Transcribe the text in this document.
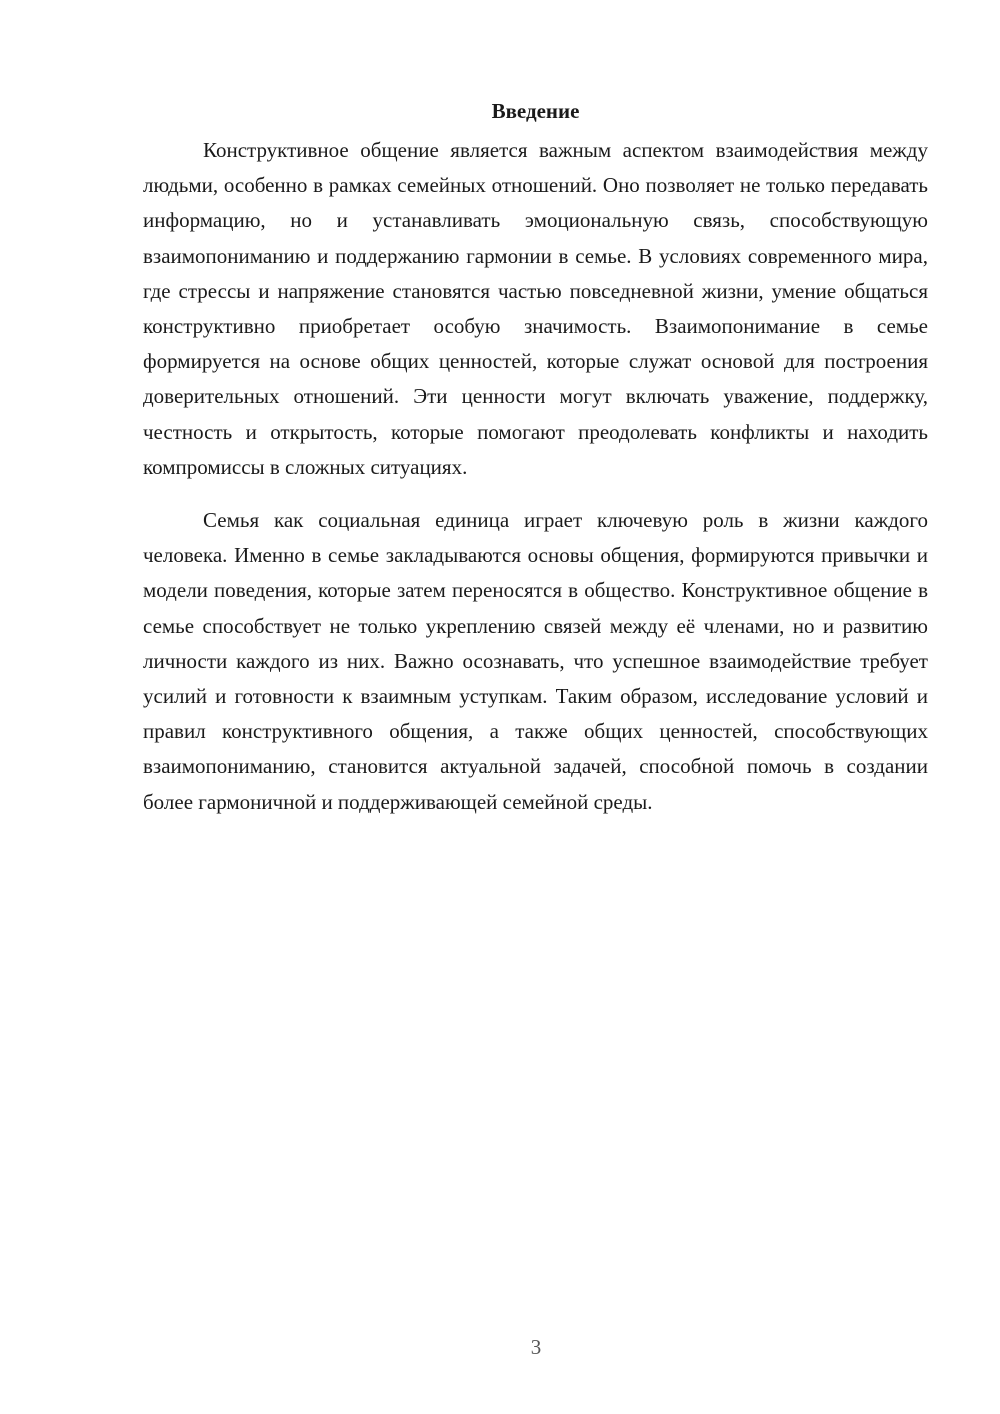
Введение

Конструктивное общение является важным аспектом взаимодействия между людьми, особенно в рамках семейных отношений. Оно позволяет не только передавать информацию, но и устанавливать эмоциональную связь, способствующую взаимопониманию и поддержанию гармонии в семье. В условиях современного мира, где стрессы и напряжение становятся частью повседневной жизни, умение общаться конструктивно приобретает особую значимость. Взаимопонимание в семье формируется на основе общих ценностей, которые служат основой для построения доверительных отношений. Эти ценности могут включать уважение, поддержку, честность и открытость, которые помогают преодолевать конфликты и находить компромиссы в сложных ситуациях.

Семья как социальная единица играет ключевую роль в жизни каждого человека. Именно в семье закладываются основы общения, формируются привычки и модели поведения, которые затем переносятся в общество. Конструктивное общение в семье способствует не только укреплению связей между её членами, но и развитию личности каждого из них. Важно осознавать, что успешное взаимодействие требует усилий и готовности к взаимным уступкам. Таким образом, исследование условий и правил конструктивного общения, а также общих ценностей, способствующих взаимопониманию, становится актуальной задачей, способной помочь в создании более гармоничной и поддерживающей семейной среды.

3
